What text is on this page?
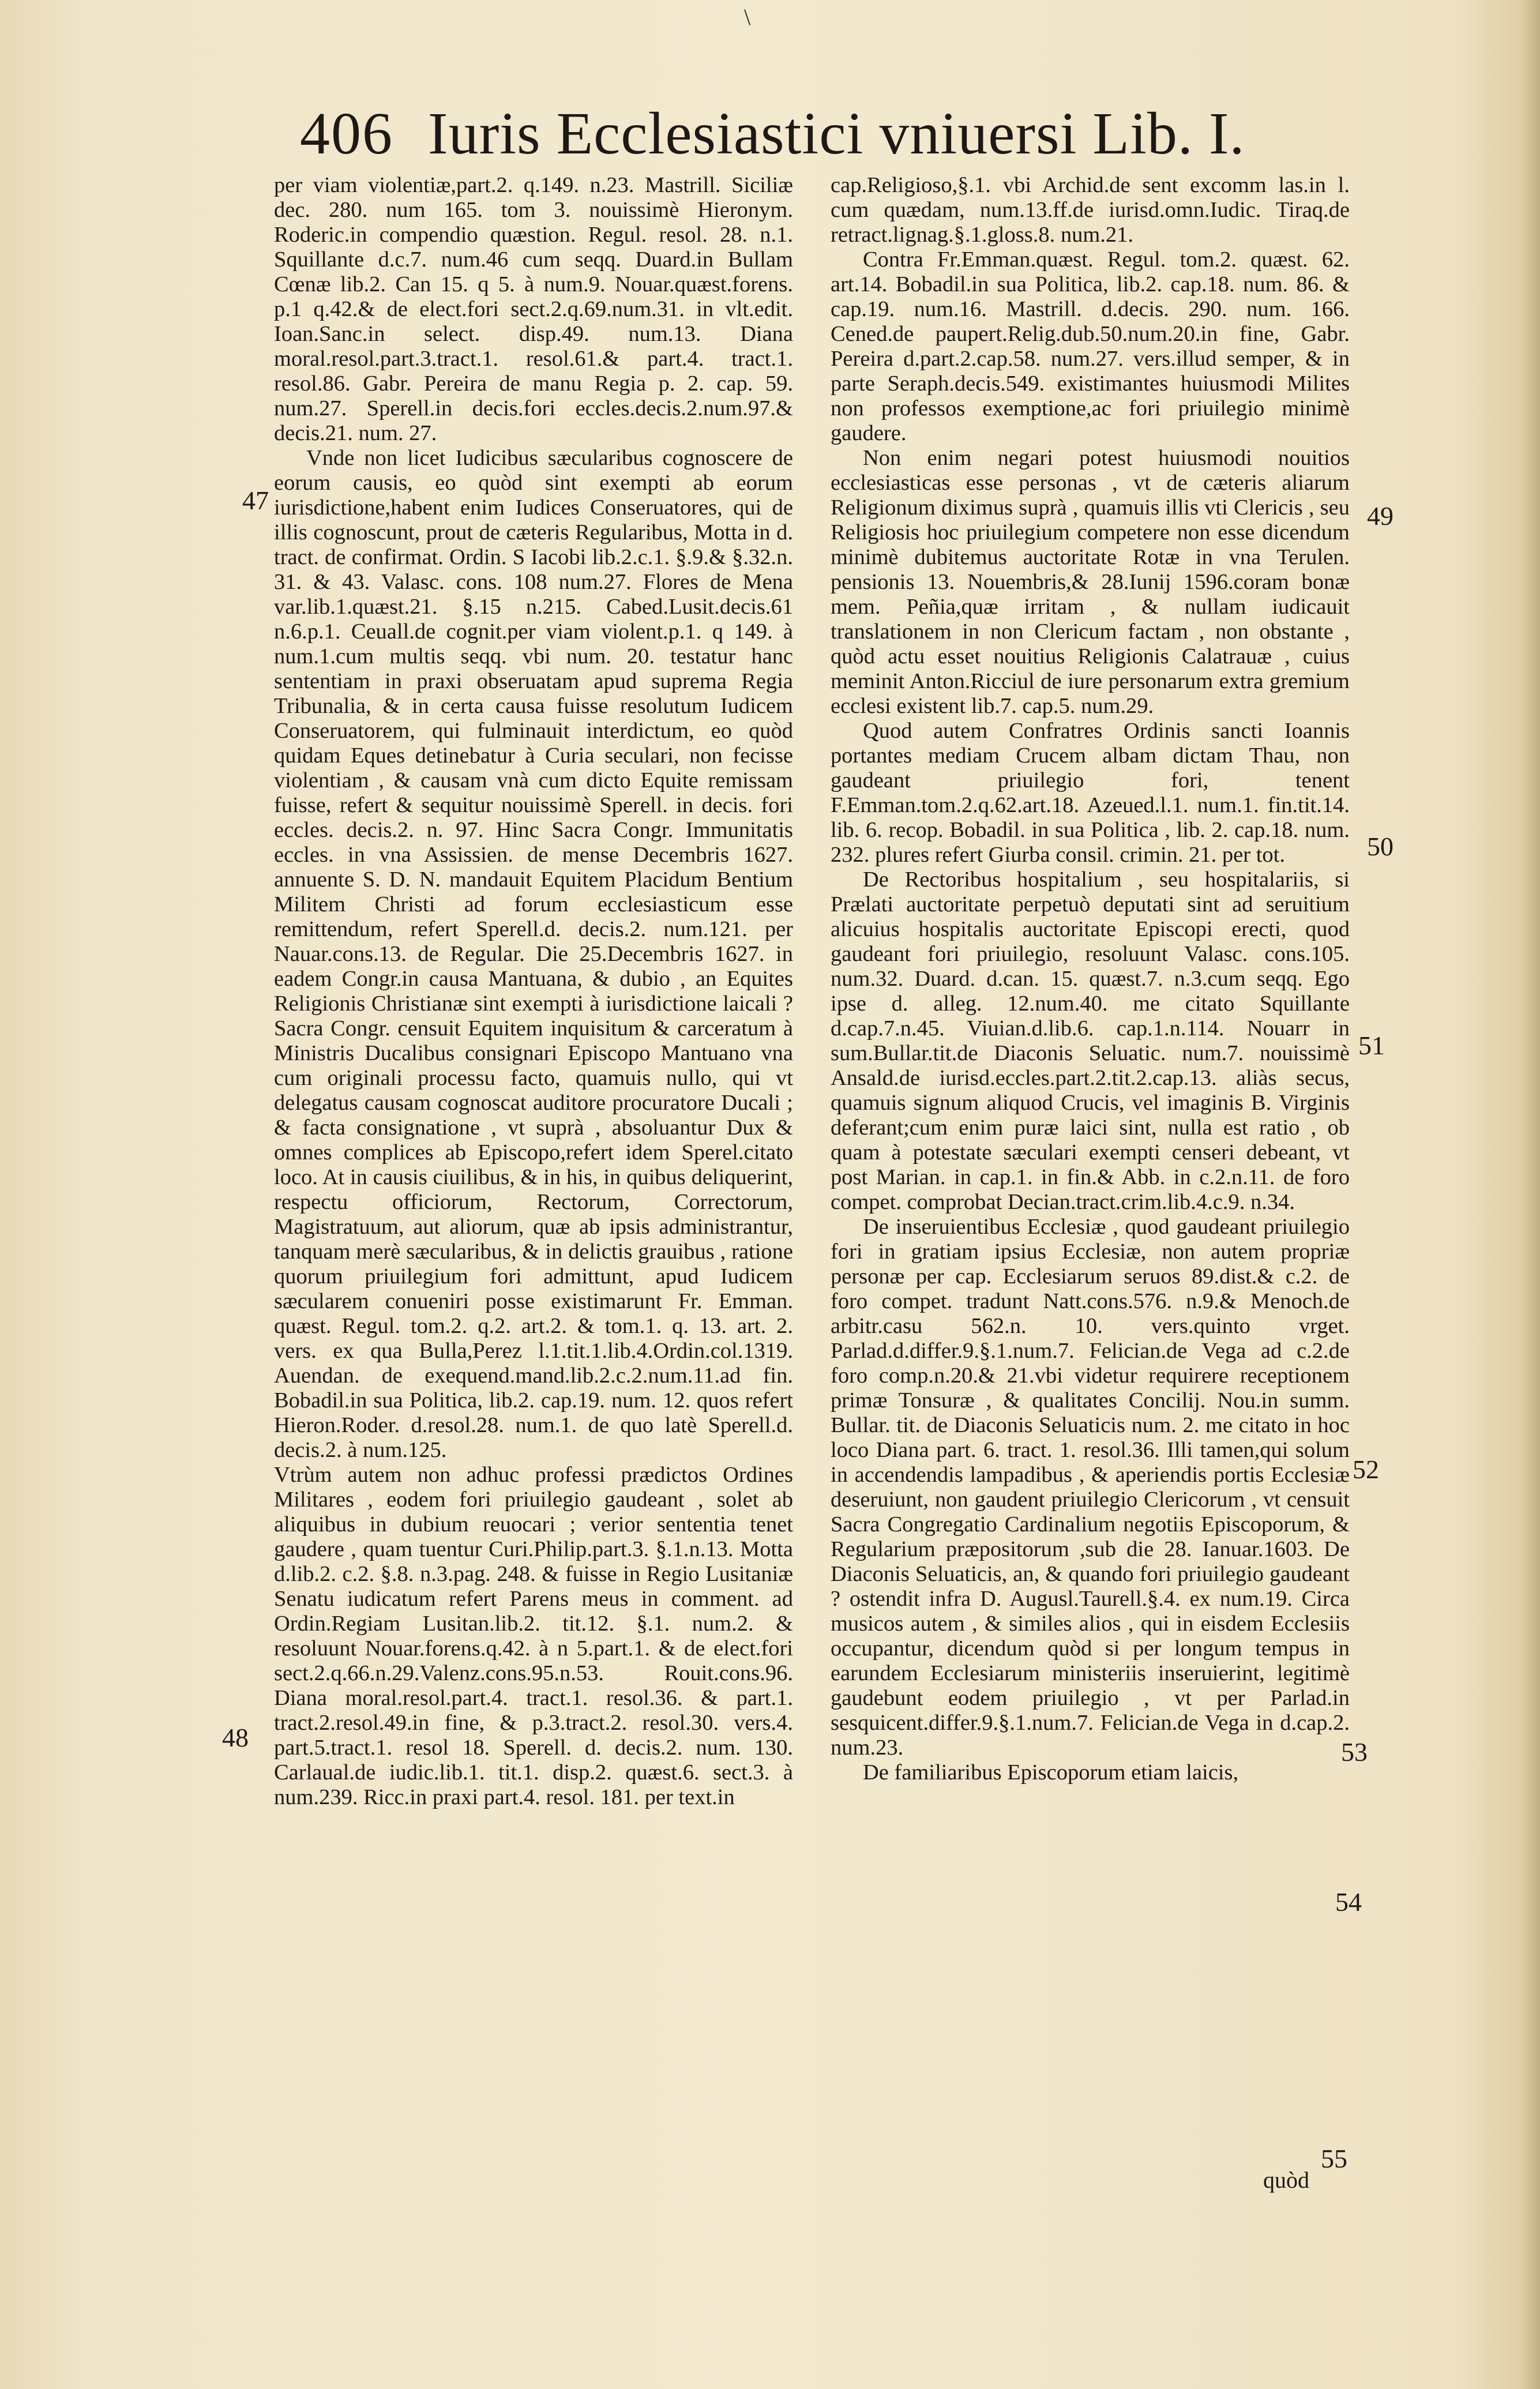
\
406 Iuris Ecclesiastici vniuersi Lib. I.

per viam violentiæ,part.2. q.149. n.23. Mastrill. Siciliæ dec. 280. num 165. tom 3. nouissimè Hieronym. Roderic.in compendio quæstion. Regul. resol. 28. n.1. Squillante d.c.7. num.46 cum seqq. Duard.in Bullam Cœnæ lib.2. Can 15. q 5. à num.9. Nouar.quæst.forens. p.1 q.42.& de elect.fori sect.2.q.69.num.31. in vlt.edit. Ioan.Sanc.in select. disp.49. num.13. Diana moral.resol.part.3.tract.1. resol.61.& part.4. tract.1. resol.86. Gabr. Pereira de manu Regia p. 2. cap. 59. num.27. Sperell.in decis.fori eccles.decis.2.num.97.& decis.21. num. 27.

Vnde non licet Iudicibus sæcularibus cognoscere de eorum causis, eo quòd sint exempti ab eorum iurisdictione,habent enim Iudices Conseruatores, qui de illis cognoscunt, prout de cæteris Regularibus, Motta in d. tract. de confirmat. Ordin. S Iacobi lib.2.c.1. §.9.& §.32.n. 31. & 43. Valasc. cons. 108 num.27. Flores de Mena var.lib.1.quæst.21. §.15 n.215. Cabed.Lusit.decis.61 n.6.p.1. Ceuall.de cognit.per viam violent.p.1. q 149. à num.1.cum multis seqq. vbi num. 20. testatur hanc sententiam in praxi obseruatam apud suprema Regia Tribunalia, & in certa causa fuisse resolutum Iudicem Conseruatorem, qui fulminauit interdictum, eo quòd quidam Eques detinebatur à Curia seculari, non fecisse violentiam , & causam vnà cum dicto Equite remissam fuisse, refert & sequitur nouissimè Sperell. in decis. fori eccles. decis.2. n. 97. Hinc Sacra Congr. Immunitatis eccles. in vna Assissien. de mense Decembris 1627. annuente S. D. N. mandauit Equitem Placidum Bentium Militem Christi ad forum ecclesiasticum esse remittendum, refert Sperell.d. decis.2. num.121. per Nauar.cons.13. de Regular. Die 25.Decembris 1627. in eadem Congr.in causa Mantuana, & dubio , an Equites Religionis Christianæ sint exempti à iurisdictione laicali ? Sacra Congr. censuit Equitem inquisitum & carceratum à Ministris Ducalibus consignari Episcopo Mantuano vna cum originali processu facto, quamuis nullo, qui vt delegatus causam cognoscat auditore procuratore Ducali ; & facta consignatione , vt suprà , absoluantur Dux & omnes complices ab Episcopo,refert idem Sperel.citato loco. At in causis ciuilibus, & in his, in quibus deliquerint, respectu officiorum, Rectorum, Correctorum, Magistratuum, aut aliorum, quæ ab ipsis administrantur, tanquam merè sæcularibus, & in delictis grauibus , ratione quorum priuilegium fori admittunt, apud Iudicem sæcularem conueniri posse existimarunt Fr. Emman. quæst. Regul. tom.2. q.2. art.2. & tom.1. q. 13. art. 2. vers. ex qua Bulla,Perez l.1.tit.1.lib.4.Ordin.col.1319. Auendan. de exequend.mand.lib.2.c.2.num.11.ad fin. Bobadil.in sua Politica, lib.2. cap.19. num. 12. quos refert Hieron.Roder. d.resol.28. num.1. de quo latè Sperell.d. decis.2. à num.125.

Vtrùm autem non adhuc professi prædictos Ordines Militares , eodem fori priuilegio gaudeant , solet ab aliquibus in dubium reuocari ; verior sententia tenet gaudere , quam tuentur Curi.Philip.part.3. §.1.n.13. Motta d.lib.2. c.2. §.8. n.3.pag. 248. & fuisse in Regio Lusitaniæ Senatu iudicatum refert Parens meus in comment. ad Ordin.Regiam Lusitan.lib.2. tit.12. §.1. num.2. & resoluunt Nouar.forens.q.42. à n 5.part.1. & de elect.fori sect.2.q.66.n.29.Valenz.cons.95.n.53. Rouit.cons.96. Diana moral.resol.part.4. tract.1. resol.36. & part.1. tract.2.resol.49.in fine, & p.3.tract.2. resol.30. vers.4. part.5.tract.1. resol 18. Sperell. d. decis.2. num. 130. Carlaual.de iudic.lib.1. tit.1. disp.2. quæst.6. sect.3. à num.239. Ricc.in praxi part.4. resol. 181. per text.in

cap.Religioso,§.1. vbi Archid.de sent excomm las.in l. cum quædam, num.13.ff.de iurisd.omn.Iudic. Tiraq.de retract.lignag.§.1.gloss.8. num.21.

Contra Fr.Emman.quæst. Regul. tom.2. quæst. 62. art.14. Bobadil.in sua Politica, lib.2. cap.18. num. 86. & cap.19. num.16. Mastrill. d.decis. 290. num. 166. Cened.de paupert.Relig.dub.50.num.20.in fine, Gabr. Pereira d.part.2.cap.58. num.27. vers.illud semper, & in parte Seraph.decis.549. existimantes huiusmodi Milites non professos exemptione,ac fori priuilegio minimè gaudere.

Non enim negari potest huiusmodi nouitios ecclesiasticas esse personas , vt de cæteris aliarum Religionum diximus suprà , quamuis illis vti Clericis , seu Religiosis hoc priuilegium competere non esse dicendum minimè dubitemus auctoritate Rotæ in vna Terulen. pensionis 13. Nouembris,& 28.Iunij 1596.coram bonæ mem. Peñia,quæ irritam , & nullam iudicauit translationem in non Clericum factam , non obstante , quòd actu esset nouitius Religionis Calatrauæ , cuius meminit Anton.Ricciul de iure personarum extra gremium ecclesi existent lib.7. cap.5. num.29.

Quod autem Confratres Ordinis sancti Ioannis portantes mediam Crucem albam dictam Thau, non gaudeant priuilegio fori, tenent F.Emman.tom.2.q.62.art.18. Azeued.l.1. num.1. fin.tit.14. lib. 6. recop. Bobadil. in sua Politica , lib. 2. cap.18. num. 232. plures refert Giurba consil. crimin. 21. per tot.

De Rectoribus hospitalium , seu hospitalariis, si Prælati auctoritate perpetuò deputati sint ad seruitium alicuius hospitalis auctoritate Episcopi erecti, quod gaudeant fori priuilegio, resoluunt Valasc. cons.105. num.32. Duard. d.can. 15. quæst.7. n.3.cum seqq. Ego ipse d. alleg. 12.num.40. me citato Squillante d.cap.7.n.45. Viuian.d.lib.6. cap.1.n.114. Nouarr in sum.Bullar.tit.de Diaconis Seluatic. num.7. nouissimè Ansald.de iurisd.eccles.part.2.tit.2.cap.13. aliàs secus, quamuis signum aliquod Crucis, vel imaginis B. Virginis deferant;cum enim puræ laici sint, nulla est ratio , ob quam à potestate sæculari exempti censeri debeant, vt post Marian. in cap.1. in fin.& Abb. in c.2.n.11. de foro compet. comprobat Decian.tract.crim.lib.4.c.9. n.34.

De inseruientibus Ecclesiæ , quod gaudeant priuilegio fori in gratiam ipsius Ecclesiæ, non autem propriæ personæ per cap. Ecclesiarum seruos 89.dist.& c.2. de foro compet. tradunt Natt.cons.576. n.9.& Menoch.de arbitr.casu 562.n. 10. vers.quinto vrget. Parlad.d.differ.9.§.1.num.7. Felician.de Vega ad c.2.de foro comp.n.20.& 21.vbi videtur requirere receptionem primæ Tonsuræ , & qualitates Concilij. Nou.in summ. Bullar. tit. de Diaconis Seluaticis num. 2. me citato in hoc loco Diana part. 6. tract. 1. resol.36. Illi tamen,qui solum in accendendis lampadibus , & aperiendis portis Ecclesiæ deseruiunt, non gaudent priuilegio Clericorum , vt censuit Sacra Congregatio Cardinalium negotiis Episcoporum, & Regularium præpositorum ,sub die 28. Ianuar.1603. De Diaconis Seluaticis, an, & quando fori priuilegio gaudeant ? ostendit infra D. Augusl.Taurell.§.4. ex num.19. Circa musicos autem , & similes alios , qui in eisdem Ecclesiis occupantur, dicendum quòd si per longum tempus in earundem Ecclesiarum ministeriis inseruierint, legitimè gaudebunt eodem priuilegio , vt per Parlad.in sesquicent.differ.9.§.1.num.7. Felician.de Vega in d.cap.2. num.23.

De familiaribus Episcoporum etiam laicis,

47
48
49
50
51
52
53
54
55
quòd
